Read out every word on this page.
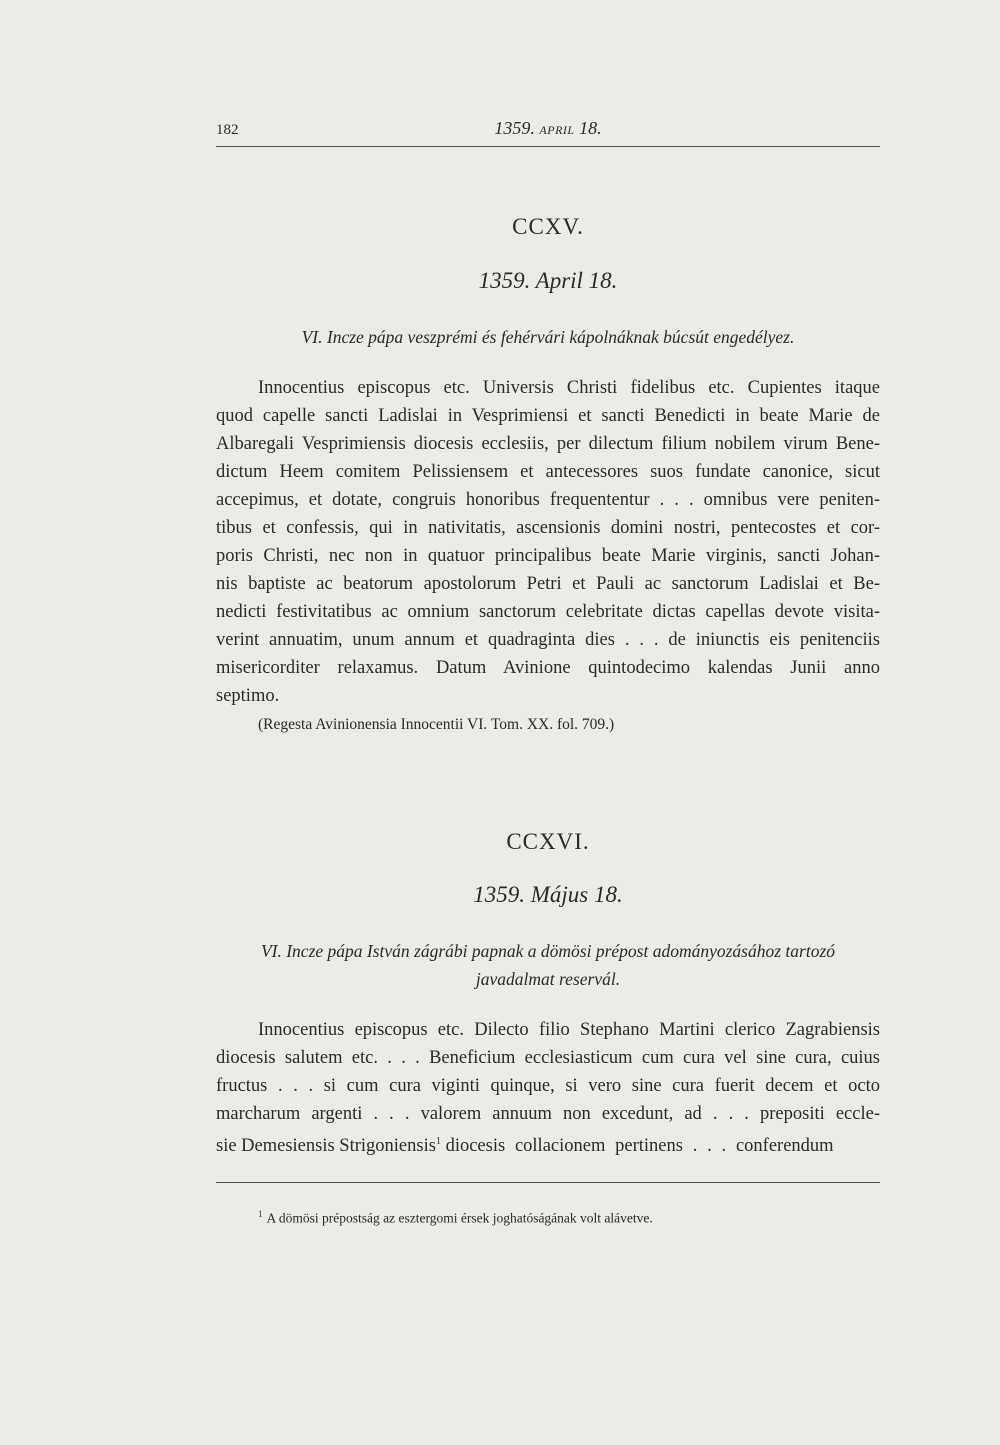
182	1359. APRIL 18.
CCXV.
1359. April 18.
VI. Incze pápa veszprémi és fehérvári kápolnáknak búcsút engedélyez.
Innocentius episcopus etc. Universis Christi fidelibus etc. Cupientes itaque
quod capelle sancti Ladislai in Vesprimiensi et sancti Benedicti in beate Marie de
Albaregali Vesprimiensis diocesis ecclesiis, per dilectum filium nobilem virum Bene-
dictum Heem comitem Pelissiensem et antecessores suos fundate canonice, sicut
accepimus, et dotate, congruis honoribus frequententur . . . omnibus vere peniten-
tibus et confessis, qui in nativitatis, ascensionis domini nostri, pentecostes et cor-
poris Christi, nec non in quatuor principalibus beate Marie virginis, sancti Johan-
nis baptiste ac beatorum apostolorum Petri et Pauli ac sanctorum Ladislai et Be-
nedicti festivitatibus ac omnium sanctorum celebritate dictas capellas devote visita-
verint annuatim, unum annum et quadraginta dies . . . de iniunctis eis penitenciis
misericorditer relaxamus. Datum Avinione quintodecimo kalendas Junii anno
septimo.
(Regesta Avinionensia Innocentii VI. Tom. XX. fol. 709.)
CCXVI.
1359. Május 18.
VI. Incze pápa István zágrábi papnak a dömösi prépost adományozásához tartozó
javadalmat reservál.
Innocentius episcopus etc. Dilecto filio Stephano Martini clerico Zagrabiensis
diocesis salutem etc. . . . Beneficium ecclesiasticum cum cura vel sine cura, cuius
fructus . . . si cum cura viginti quinque, si vero sine cura fuerit decem et octo
marcharum argenti . . . valorem annuum non excedunt, ad . . . prepositi eccle-
sie Demesiensis Strigoniensis$^1$ diocesis collacionem pertinens . . . conferendum
$^1$ A dömösi prépostság az esztergomi érsek joghatóságának volt alávetve.
